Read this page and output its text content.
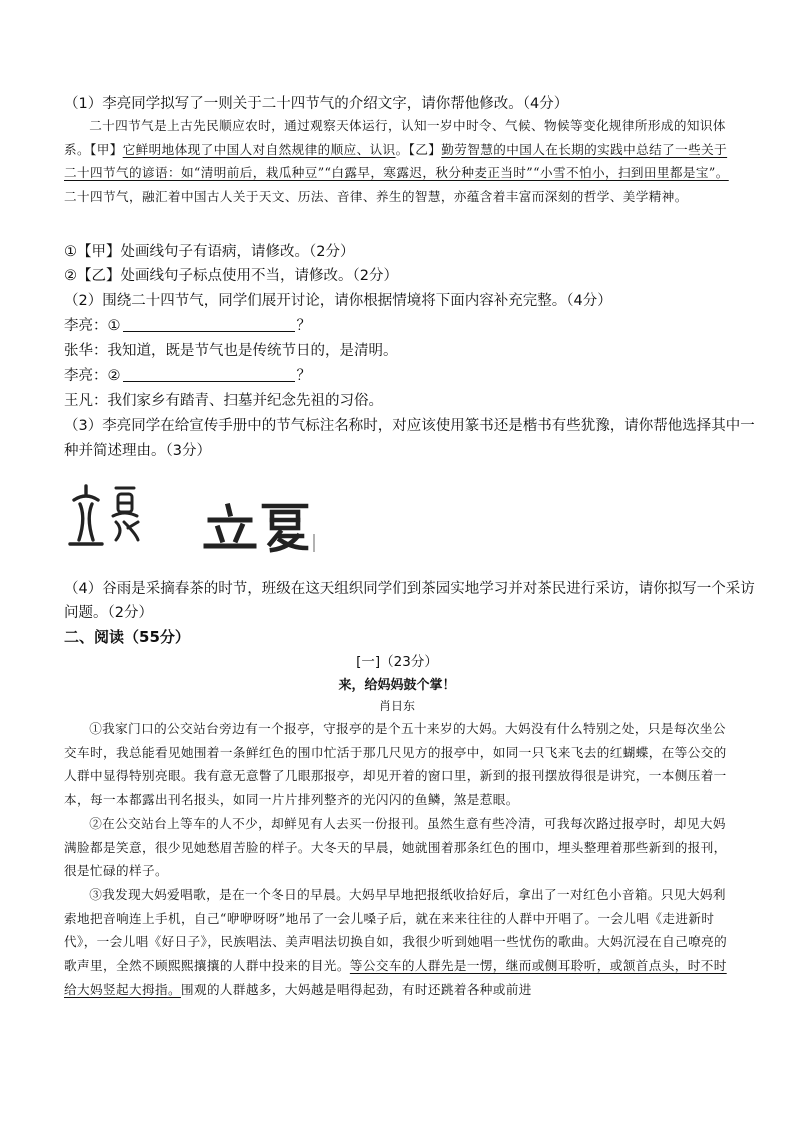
（1）李亮同学拟写了一则关于二十四节气的介绍文字，请你帮他修改。（4分）

二十四节气是上古先民顺应农时，通过观察天体运行，认知一岁中时令、气候、物候等变化规律所形成的知识体系。【甲】它鲜明地体现了中国人对自然规律的顺应、认识。【乙】勤劳智慧的中国人在长期的实践中总结了一些关于二十四节气的谚语：如“清明前后，栽瓜种豆”“白露早，寒露迟，秋分种麦正当时”“小雪不怕小，扫到田里都是宝”。二十四节气，融汇着中国古人关于天文、历法、音律、养生的智慧，亦蕴含着丰富而深刻的哲学、美学精神。

①【甲】处画线句子有语病，请修改。（2分）
②【乙】处画线句子标点使用不当，请修改。（2分）
（2）围绕二十四节气，同学们展开讨论，请你根据情境将下面内容补充完整。（4分）
李亮：①	？
张华：我知道，既是节气也是传统节日的，是清明。
李亮：②	？
王凡：我们家乡有踏青、扫墓并纪念先祖的习俗。
（3）李亮同学在给宣传手册中的节气标注名称时，对应该使用篆书还是楷书有些犹豫，请你帮他选择其中一
种并简述理由。（3分）
（4）谷雨是采摘春茶的时节，班级在这天组织同学们到茶园实地学习并对茶民进行采访，请你拟写一个采访
问题。（2分）
二、阅读（55分）
[一]（23分）
来，给妈妈鼓个掌！
肖日东

①我家门口的公交站台旁边有一个报亭，守报亭的是个五十来岁的大妈。大妈没有什么特别之处，只是每次坐公交车时，我总能看见她围着一条鲜红色的围巾忙活于那几尺见方的报亭中，如同一只飞来飞去的红蝴蝶，在等公交的人群中显得特别亮眼。我有意无意瞥了几眼那报亭，却见开着的窗口里，新到的报刊摆放得很是讲究，一本侧压着一本，每一本都露出刊名报头，如同一片片排列整齐的光闪闪的鱼鳞，煞是惹眼。

②在公交站台上等车的人不少，却鲜见有人去买一份报刊。虽然生意有些冷清，可我每次路过报亭时，却见大妈满脸都是笑意，很少见她愁眉苦脸的样子。大冬天的早晨，她就围着那条红色的围巾，埋头整理着那些新到的报刊，很是忙碌的样子。

③我发现大妈爱唱歌，是在一个冬日的早晨。大妈早早地把报纸收拾好后，拿出了一对红色小音箱。只见大妈利索地把音响连上手机，自己“咿咿呀呀”地吊了一会儿嗓子后，就在来来往往的人群中开唱了。一会儿唱《走进新时代》，一会儿唱《好日子》，民族唱法、美声唱法切换自如，我很少听到她唱一些忧伤的歌曲。大妈沉浸在自己嘹亮的歌声里，全然不顾熙熙攘攘的人群中投来的目光。等公交车的人群先是一愣，继而或侧耳聆听，或颔首点头，时不时给大妈竖起大拇指。围观的人群越多，大妈越是唱得起劲，有时还跳着各种或前进
